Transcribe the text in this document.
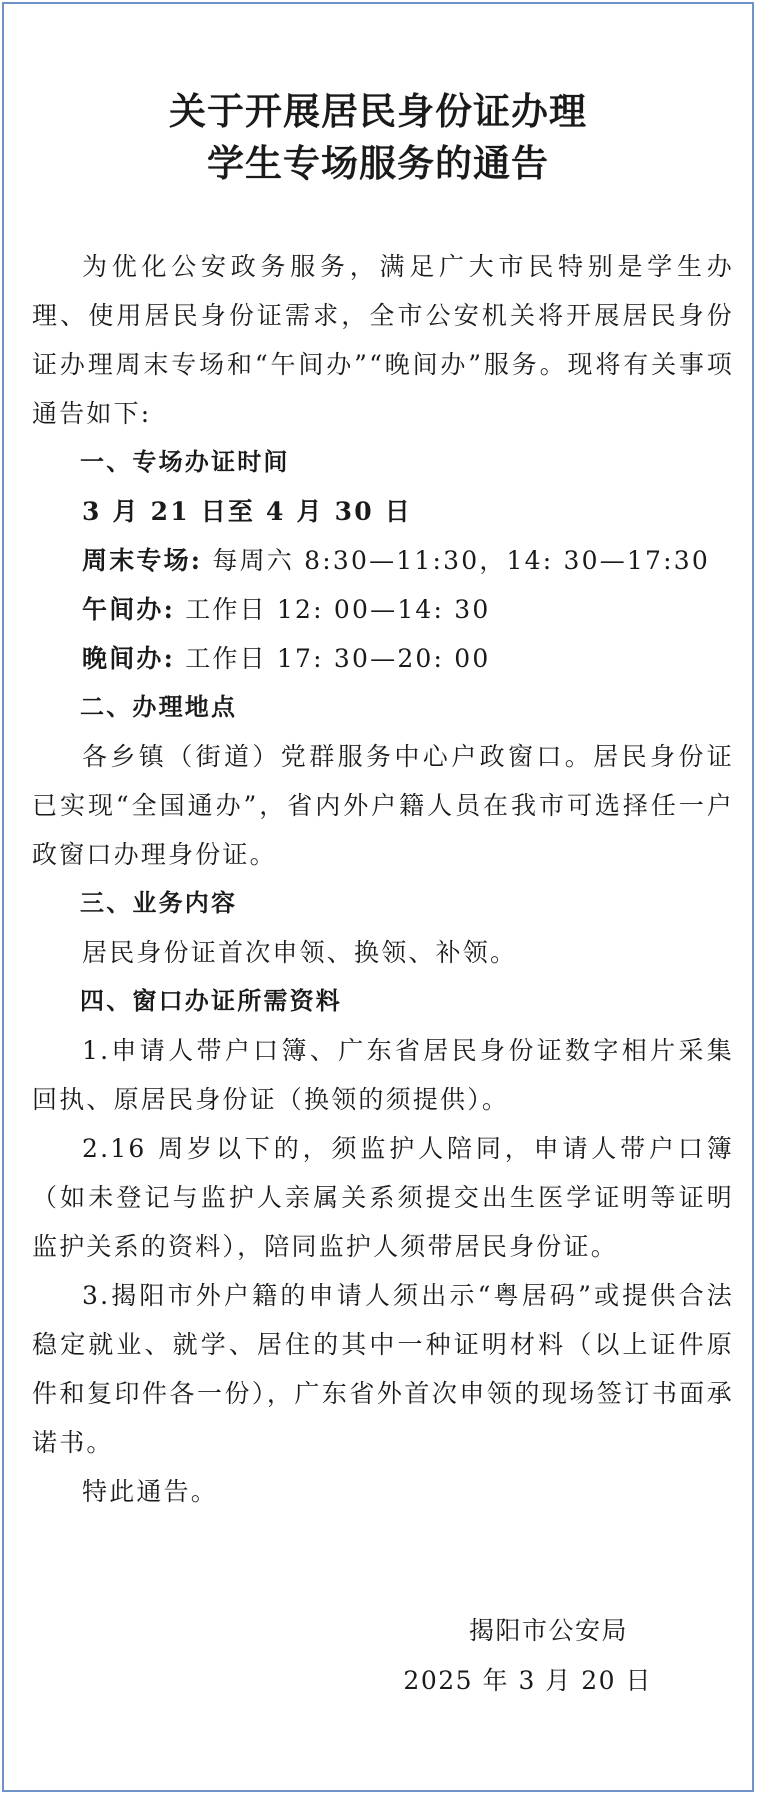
关于开展居民身份证办理
学生专场服务的通告

为优化公安政务服务，满足广大市民特别是学生办理、使用居民身份证需求，全市公安机关将开展居民身份证办理周末专场和“午间办”“晚间办”服务。现将有关事项通告如下:

一、专场办证时间

3 月 21 日至 4 月 30 日

周末专场: 每周六 8:30—11:30，14: 30—17:30

午间办: 工作日 12: 00—14: 30

晚间办: 工作日 17: 30—20: 00

二、办理地点

各乡镇（街道）党群服务中心户政窗口。居民身份证已实现“全国通办”，省内外户籍人员在我市可选择任一户政窗口办理身份证。

三、业务内容

居民身份证首次申领、换领、补领。

四、窗口办证所需资料

1.申请人带户口簿、广东省居民身份证数字相片采集回执、原居民身份证（换领的须提供）。

2.16 周岁以下的，须监护人陪同，申请人带户口簿（如未登记与监护人亲属关系须提交出生医学证明等证明监护关系的资料），陪同监护人须带居民身份证。

3.揭阳市外户籍的申请人须出示“粤居码”或提供合法稳定就业、就学、居住的其中一种证明材料（以上证件原件和复印件各一份），广东省外首次申领的现场签订书面承诺书。

特此通告。

揭阳市公安局
2025 年 3 月 20 日
